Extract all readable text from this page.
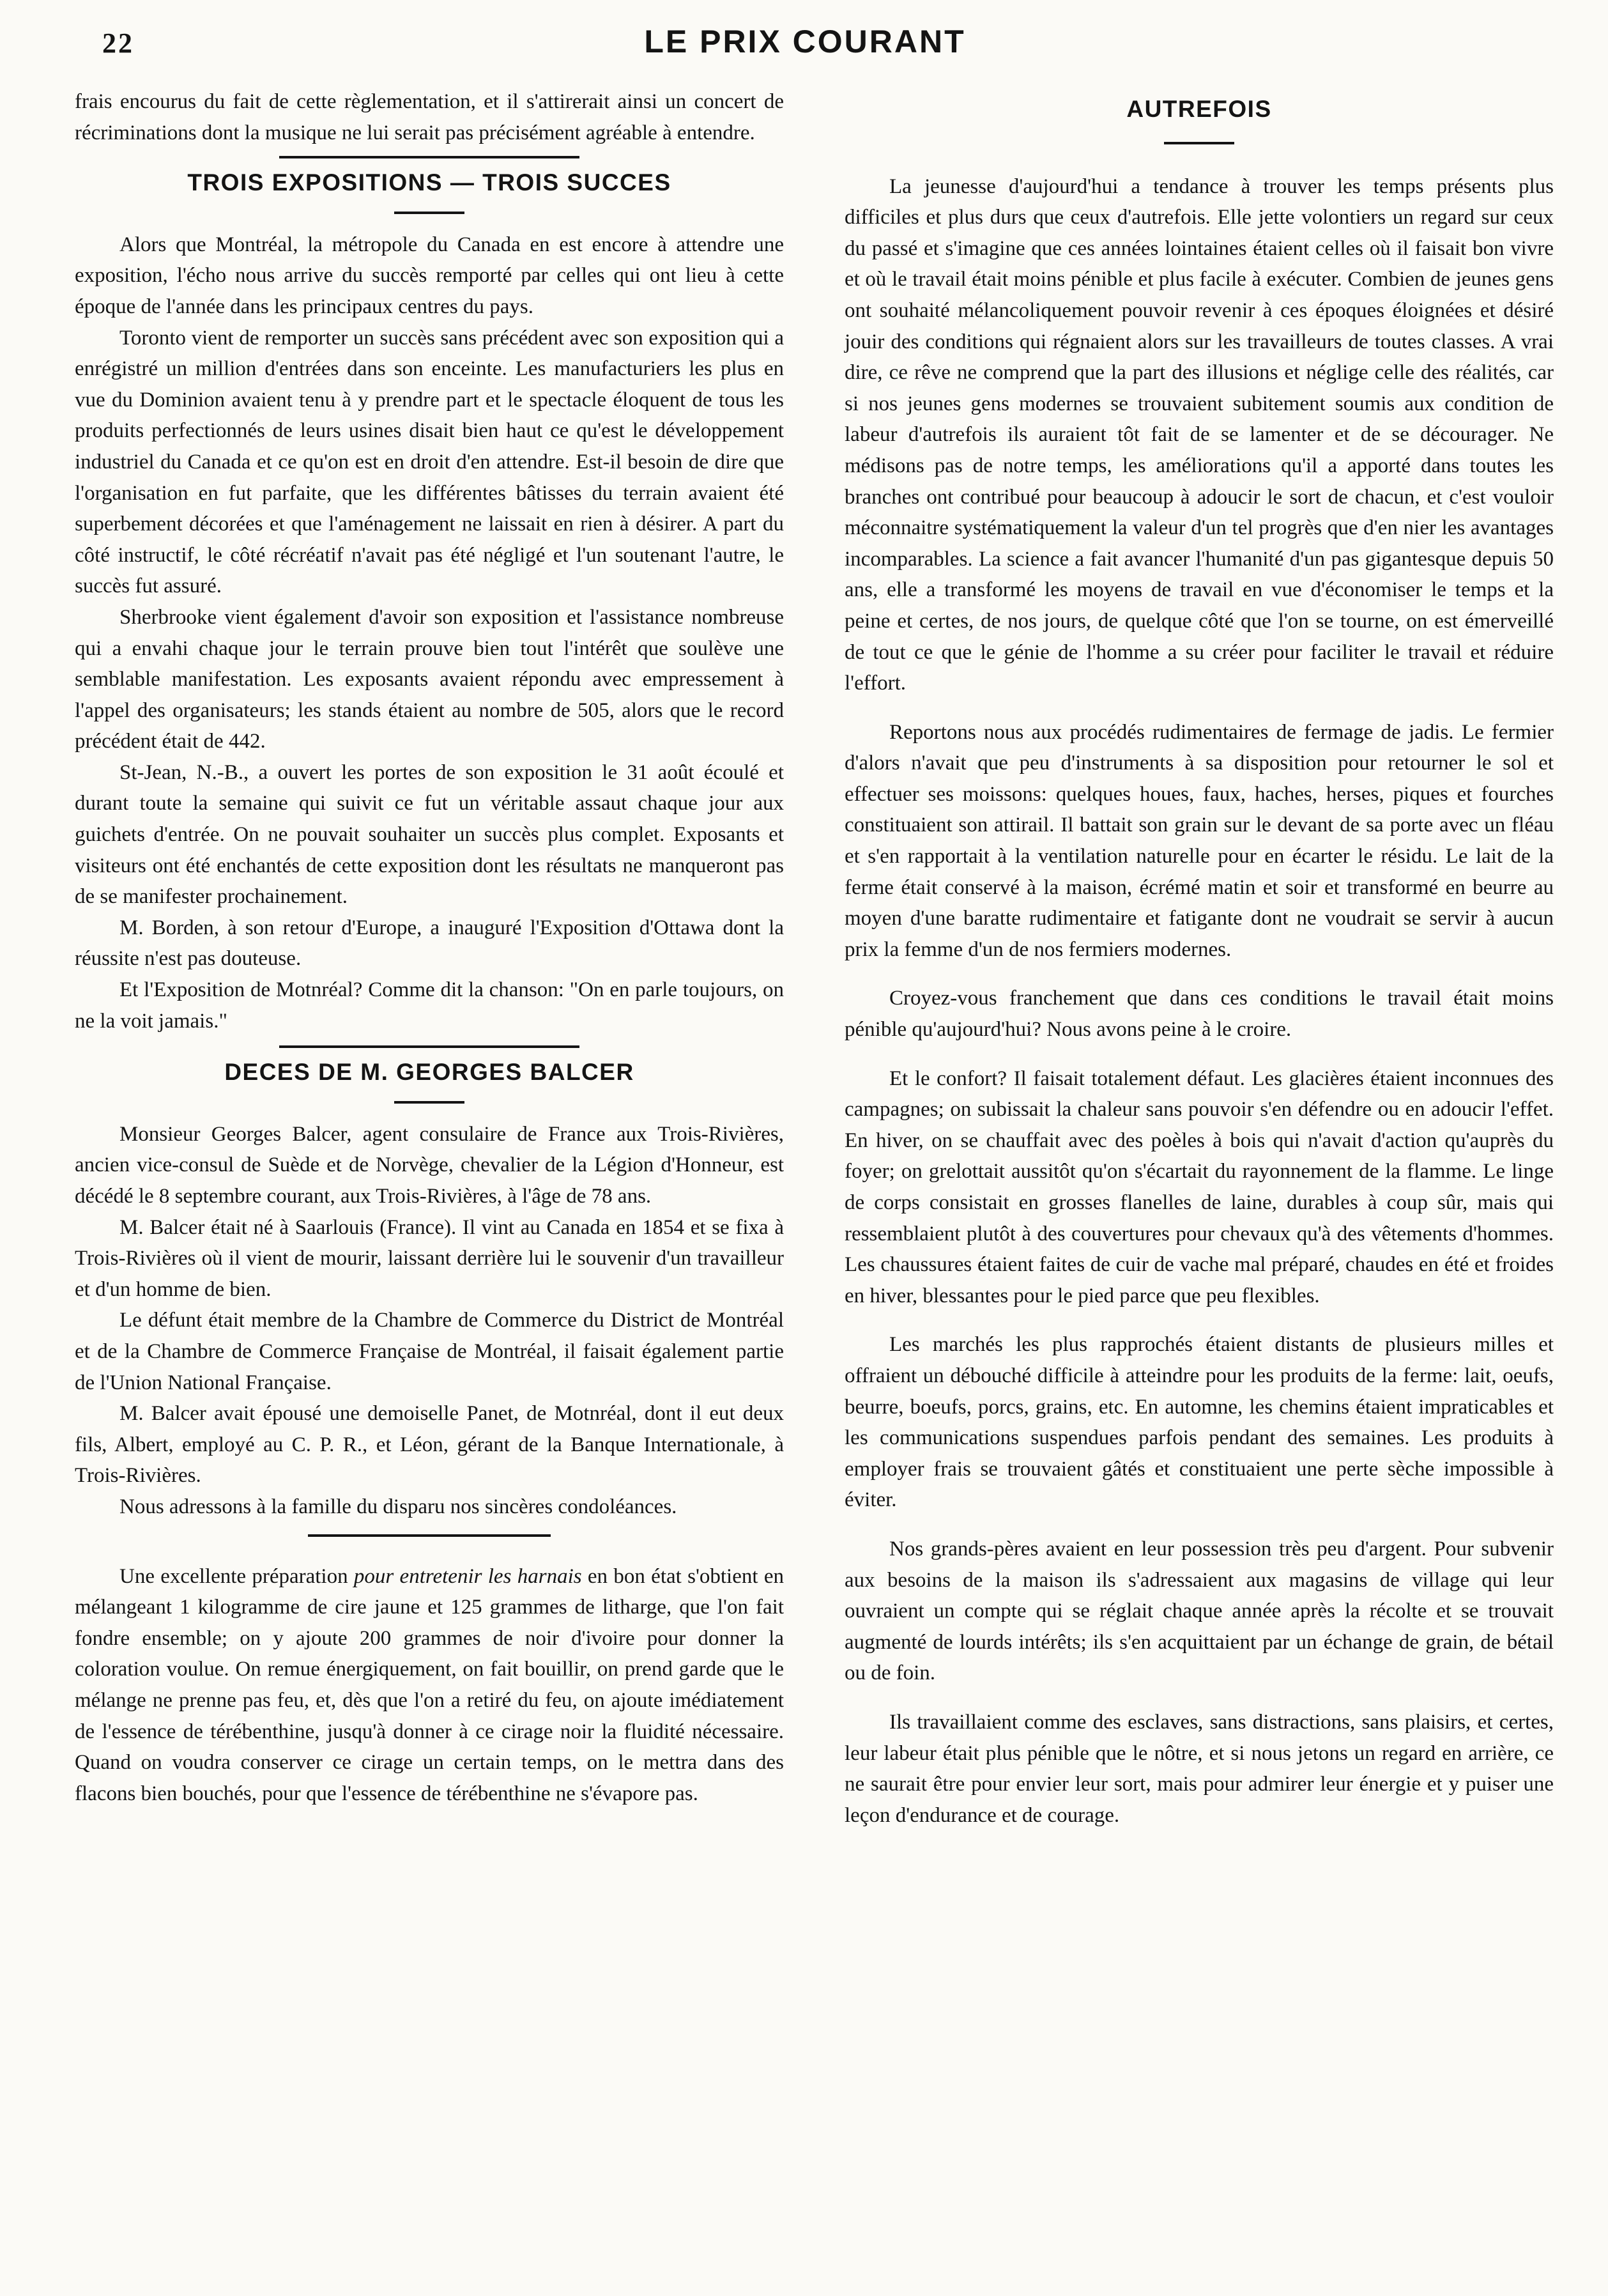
22	LE PRIX COURANT

frais encourus du fait de cette règlementation, et il s'attirerait ainsi un concert de récriminations dont la musique ne lui serait pas précisément agréable à entendre.

TROIS EXPOSITIONS — TROIS SUCCES

Alors que Montréal, la métropole du Canada en est encore à attendre une exposition, l'écho nous arrive du succès remporté par celles qui ont lieu à cette époque de l'année dans les principaux centres du pays.

Toronto vient de remporter un succès sans précédent avec son exposition qui a enrégistré un million d'entrées dans son enceinte. Les manufacturiers les plus en vue du Dominion avaient tenu à y prendre part et le spectacle éloquent de tous les produits perfectionnés de leurs usines disait bien haut ce qu'est le développement industriel du Canada et ce qu'on est en droit d'en attendre. Est-il besoin de dire que l'organisation en fut parfaite, que les différentes bâtisses du terrain avaient été superbement décorées et que l'aménagement ne laissait en rien à désirer. A part du côté instructif, le côté récréatif n'avait pas été négligé et l'un soutenant l'autre, le succès fut assuré.

Sherbrooke vient également d'avoir son exposition et l'assistance nombreuse qui a envahi chaque jour le terrain prouve bien tout l'intérêt que soulève une semblable manifestation. Les exposants avaient répondu avec empressement à l'appel des organisateurs; les stands étaient au nombre de 505, alors que le record précédent était de 442.

St-Jean, N.-B., a ouvert les portes de son exposition le 31 août écoulé et durant toute la semaine qui suivit ce fut un véritable assaut chaque jour aux guichets d'entrée. On ne pouvait souhaiter un succès plus complet. Exposants et visiteurs ont été enchantés de cette exposition dont les résultats ne manqueront pas de se manifester prochainement.

M. Borden, à son retour d'Europe, a inauguré l'Exposition d'Ottawa dont la réussite n'est pas douteuse.

Et l'Exposition de Motnréal? Comme dit la chanson: "On en parle toujours, on ne la voit jamais."

DECES DE M. GEORGES BALCER

Monsieur Georges Balcer, agent consulaire de France aux Trois-Rivières, ancien vice-consul de Suède et de Norvège, chevalier de la Légion d'Honneur, est décédé le 8 septembre courant, aux Trois-Rivières, à l'âge de 78 ans.

M. Balcer était né à Saarlouis (France). Il vint au Canada en 1854 et se fixa à Trois-Rivières où il vient de mourir, laissant derrière lui le souvenir d'un travailleur et d'un homme de bien.

Le défunt était membre de la Chambre de Commerce du District de Montréal et de la Chambre de Commerce Française de Montréal, il faisait également partie de l'Union National Française.

M. Balcer avait épousé une demoiselle Panet, de Motnréal, dont il eut deux fils, Albert, employé au C. P. R., et Léon, gérant de la Banque Internationale, à Trois-Rivières.

Nous adressons à la famille du disparu nos sincères condoléances.

Une excellente préparation pour entretenir les harnais en bon état s'obtient en mélangeant 1 kilogramme de cire jaune et 125 grammes de litharge, que l'on fait fondre ensemble; on y ajoute 200 grammes de noir d'ivoire pour donner la coloration voulue. On remue énergiquement, on fait bouillir, on prend garde que le mélange ne prenne pas feu, et, dès que l'on a retiré du feu, on ajoute imédiatement de l'essence de térébenthine, jusqu'à donner à ce cirage noir la fluidité nécessaire. Quand on voudra conserver ce cirage un certain temps, on le mettra dans des flacons bien bouchés, pour que l'essence de térébenthine ne s'évapore pas.

AUTREFOIS

La jeunesse d'aujourd'hui a tendance à trouver les temps présents plus difficiles et plus durs que ceux d'autrefois. Elle jette volontiers un regard sur ceux du passé et s'imagine que ces années lointaines étaient celles où il faisait bon vivre et où le travail était moins pénible et plus facile à exécuter. Combien de jeunes gens ont souhaité mélancoliquement pouvoir revenir à ces époques éloignées et désiré jouir des conditions qui régnaient alors sur les travailleurs de toutes classes. A vrai dire, ce rêve ne comprend que la part des illusions et néglige celle des réalités, car si nos jeunes gens modernes se trouvaient subitement soumis aux condition de labeur d'autrefois ils auraient tôt fait de se lamenter et de se décourager. Ne médisons pas de notre temps, les améliorations qu'il a apporté dans toutes les branches ont contribué pour beaucoup à adoucir le sort de chacun, et c'est vouloir méconnaitre systématiquement la valeur d'un tel progrès que d'en nier les avantages incomparables. La science a fait avancer l'humanité d'un pas gigantesque depuis 50 ans, elle a transformé les moyens de travail en vue d'économiser le temps et la peine et certes, de nos jours, de quelque côté que l'on se tourne, on est émerveillé de tout ce que le génie de l'homme a su créer pour faciliter le travail et réduire l'effort.

Reportons nous aux procédés rudimentaires de fermage de jadis. Le fermier d'alors n'avait que peu d'instruments à sa disposition pour retourner le sol et effectuer ses moissons: quelques houes, faux, haches, herses, piques et fourches constituaient son attirail. Il battait son grain sur le devant de sa porte avec un fléau et s'en rapportait à la ventilation naturelle pour en écarter le résidu. Le lait de la ferme était conservé à la maison, écrémé matin et soir et transformé en beurre au moyen d'une baratte rudimentaire et fatigante dont ne voudrait se servir à aucun prix la femme d'un de nos fermiers modernes.

Croyez-vous franchement que dans ces conditions le travail était moins pénible qu'aujourd'hui? Nous avons peine à le croire.

Et le confort? Il faisait totalement défaut. Les glacières étaient inconnues des campagnes; on subissait la chaleur sans pouvoir s'en défendre ou en adoucir l'effet. En hiver, on se chauffait avec des poèles à bois qui n'avait d'action qu'auprès du foyer; on grelottait aussitôt qu'on s'écartait du rayonnement de la flamme. Le linge de corps consistait en grosses flanelles de laine, durables à coup sûr, mais qui ressemblaient plutôt à des couvertures pour chevaux qu'à des vêtements d'hommes. Les chaussures étaient faites de cuir de vache mal préparé, chaudes en été et froides en hiver, blessantes pour le pied parce que peu flexibles.

Les marchés les plus rapprochés étaient distants de plusieurs milles et offraient un débouché difficile à atteindre pour les produits de la ferme: lait, oeufs, beurre, boeufs, porcs, grains, etc. En automne, les chemins étaient impraticables et les communications suspendues parfois pendant des semaines. Les produits à employer frais se trouvaient gâtés et constituaient une perte sèche impossible à éviter.

Nos grands-pères avaient en leur possession très peu d'argent. Pour subvenir aux besoins de la maison ils s'adressaient aux magasins de village qui leur ouvraient un compte qui se réglait chaque année après la récolte et se trouvait augmenté de lourds intérêts; ils s'en acquittaient par un échange de grain, de bétail ou de foin.

Ils travaillaient comme des esclaves, sans distractions, sans plaisirs, et certes, leur labeur était plus pénible que le nôtre, et si nous jetons un regard en arrière, ce ne saurait être pour envier leur sort, mais pour admirer leur énergie et y puiser une leçon d'endurance et de courage.
